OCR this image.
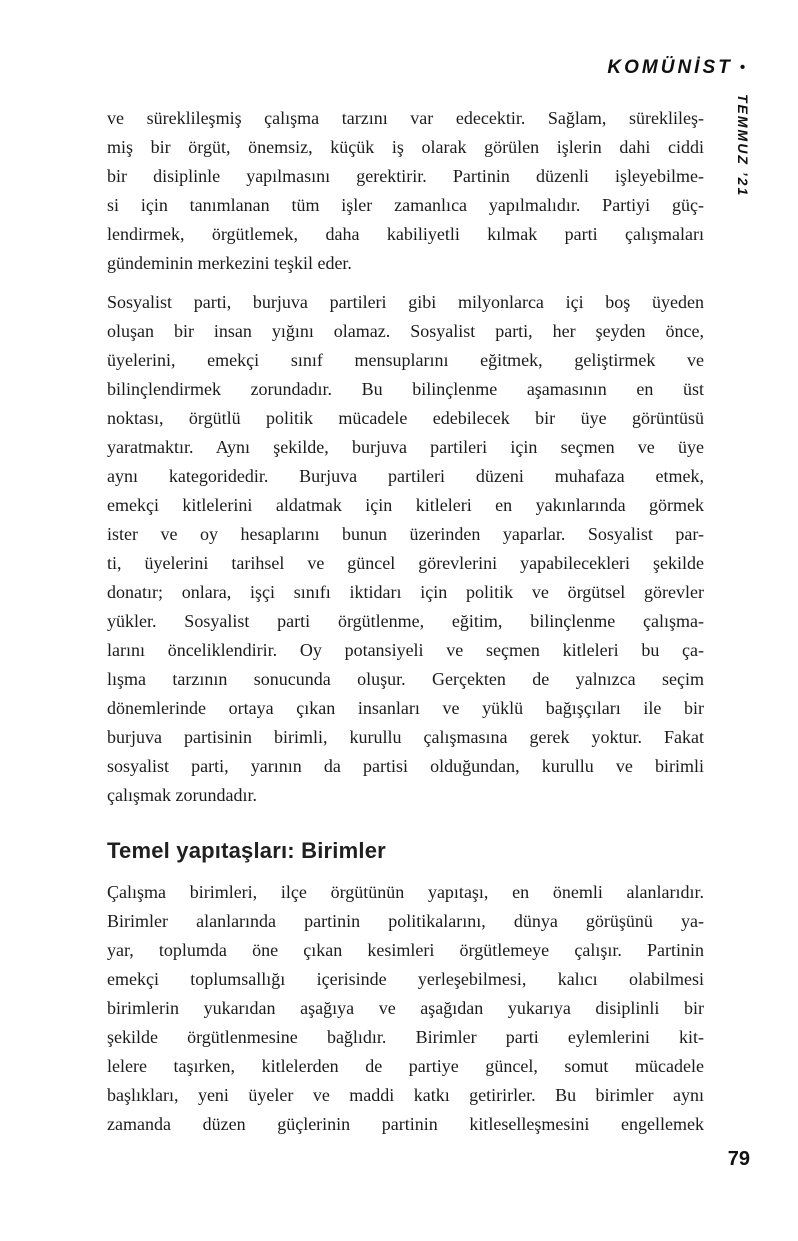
KOMÜNİST •
TEMMUZ ’21
ve süreklileşmiş çalışma tarzını var edecektir. Sağlam, süreklileş-
miş bir örgüt, önemsiz, küçük iş olarak görülen işlerin dahi ciddi
bir disiplinle yapılmasını gerektirir. Partinin düzenli işleyebilme-
si için tanımlanan tüm işler zamanlıca yapılmalıdır. Partiyi güç-
lendirmek, örgütlemek, daha kabiliyetli kılmak parti çalışmaları
gündeminin merkezini teşkil eder.
Sosyalist parti, burjuva partileri gibi milyonlarca içi boş üyeden
oluşan bir insan yığını olamaz. Sosyalist parti, her şeyden önce,
üyelerini, emekçi sınıf mensuplarını eğitmek, geliştirmek ve
bilinçlendirmek zorundadır. Bu bilinçlenme aşamasının en üst
noktası, örgütlü politik mücadele edebilecek bir üye görüntüsü
yaratmaktır. Aynı şekilde, burjuva partileri için seçmen ve üye
aynı kategoridedir. Burjuva partileri düzeni muhafaza etmek,
emekçi kitlelerini aldatmak için kitleleri en yakınlarında görmek
ister ve oy hesaplarını bunun üzerinden yaparlar. Sosyalist par-
ti, üyelerini tarihsel ve güncel görevlerini yapabilecekleri şekilde
donatır; onlara, işçi sınıfı iktidarı için politik ve örgütsel görevler
yükler. Sosyalist parti örgütlenme, eğitim, bilinçlenme çalışma-
larını önceliklendirir. Oy potansiyeli ve seçmen kitleleri bu ça-
lışma tarzının sonucunda oluşur. Gerçekten de yalnızca seçim
dönemlerinde ortaya çıkan insanları ve yüklü bağışçıları ile bir
burjuva partisinin birimli, kurullu çalışmasına gerek yoktur. Fakat
sosyalist parti, yarının da partisi olduğundan, kurullu ve birimli
çalışmak zorundadır.
Temel yapıtaşları: Birimler
Çalışma birimleri, ilçe örgütünün yapıtaşı, en önemli alanlarıdır.
Birimler alanlarında partinin politikalarını, dünya görüşünü ya-
yar, toplumda öne çıkan kesimleri örgütlemeye çalışır. Partinin
emekçi toplumsallığı içerisinde yerleşebilmesi, kalıcı olabilmesi
birimlerin yukarıdan aşağıya ve aşağıdan yukarıya disiplinli bir
şekilde örgütlenmesine bağlıdır. Birimler parti eylemlerini kit-
lelere taşırken, kitlelerden de partiye güncel, somut mücadele
başlıkları, yeni üyeler ve maddi katkı getirirler. Bu birimler aynı
zamanda düzen güçlerinin partinin kitleselleşmesini engellemek
79
